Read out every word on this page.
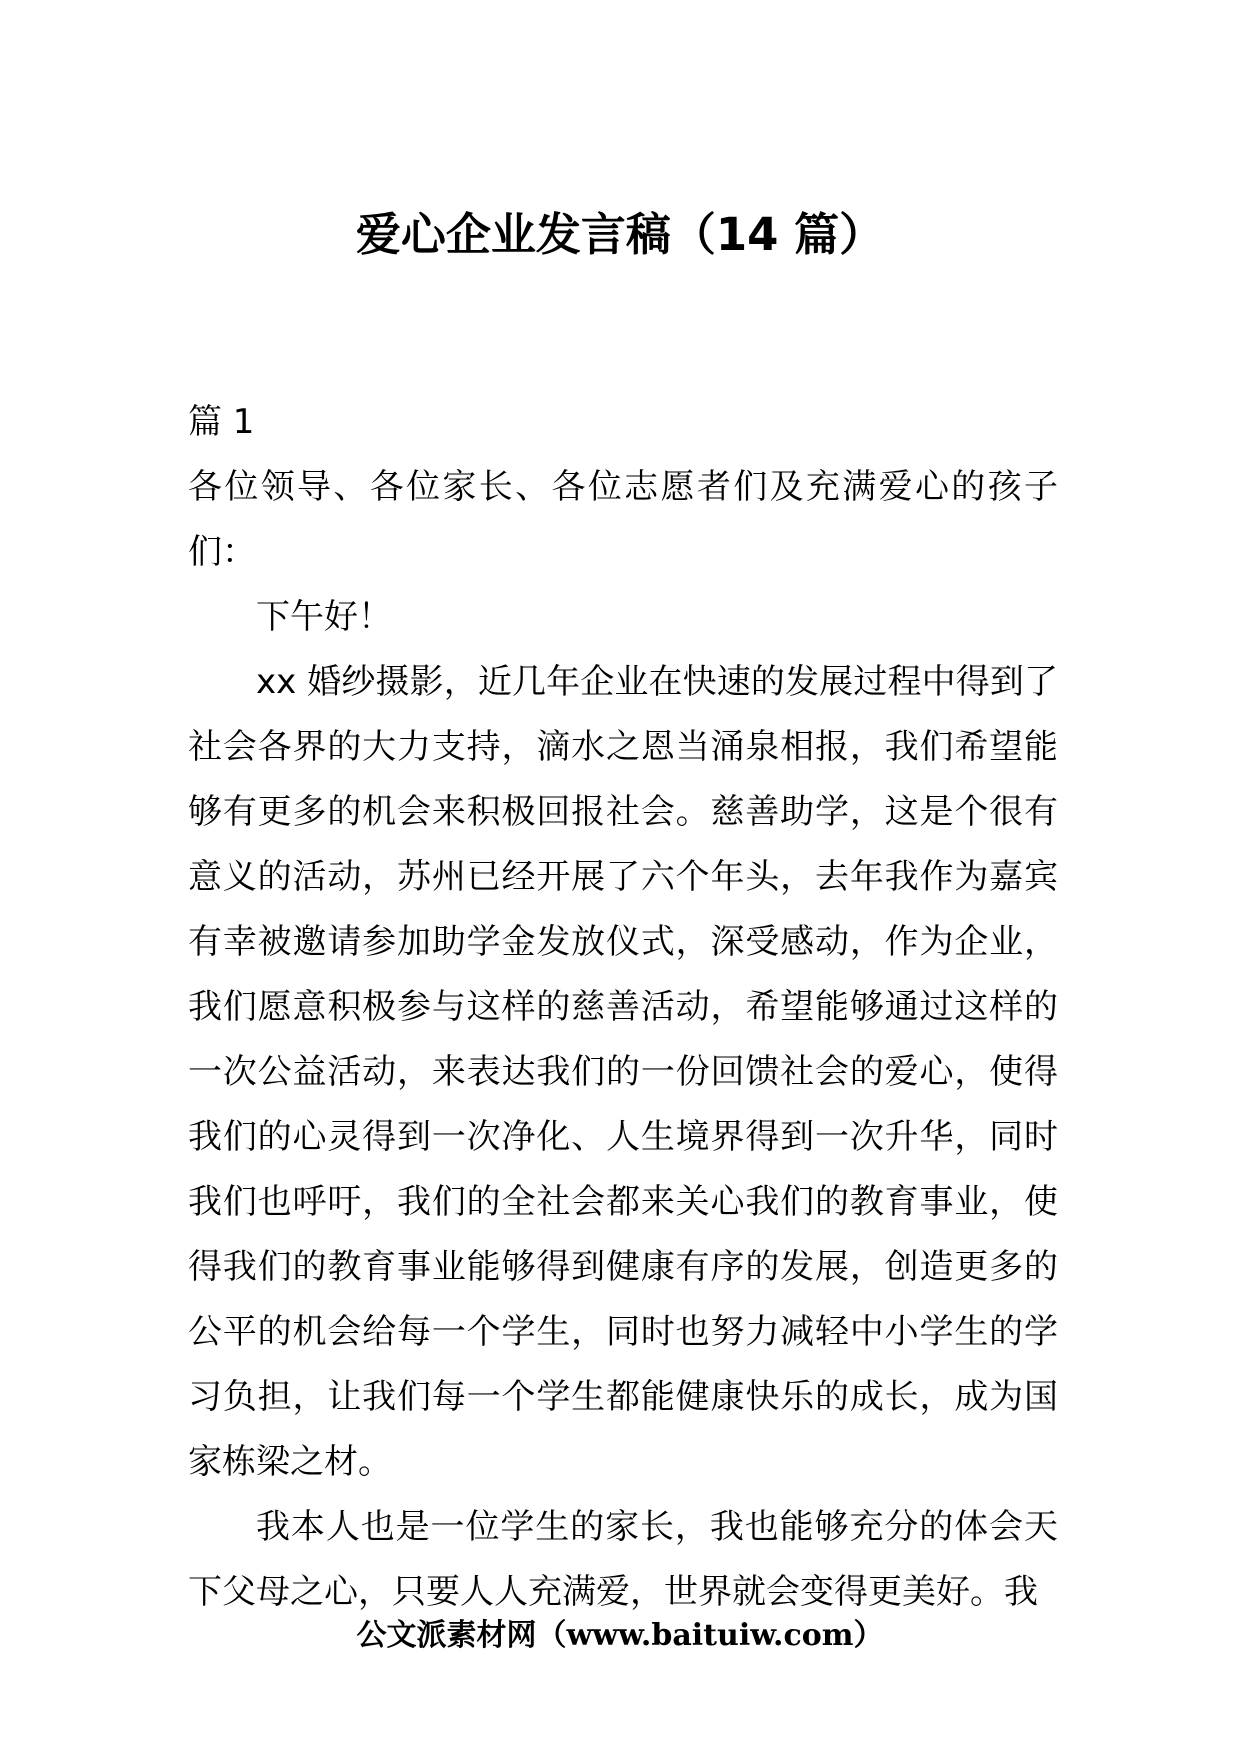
爱心企业发言稿（14 篇）

篇 1

各位领导、各位家长、各位志愿者们及充满爱心的孩子们：

下午好！

xx 婚纱摄影，近几年企业在快速的发展过程中得到了社会各界的大力支持，滴水之恩当涌泉相报，我们希望能够有更多的机会来积极回报社会。慈善助学，这是个很有意义的活动，苏州已经开展了六个年头，去年我作为嘉宾有幸被邀请参加助学金发放仪式，深受感动，作为企业，我们愿意积极参与这样的慈善活动，希望能够通过这样的一次公益活动，来表达我们的一份回馈社会的爱心，使得我们的心灵得到一次净化、人生境界得到一次升华，同时我们也呼吁，我们的全社会都来关心我们的教育事业，使得我们的教育事业能够得到健康有序的发展，创造更多的公平的机会给每一个学生，同时也努力减轻中小学生的学习负担，让我们每一个学生都能健康快乐的成长，成为国家栋梁之材。

我本人也是一位学生的家长，我也能够充分的体会天下父母之心，只要人人充满爱，世界就会变得更美好。我

公文派素材网（www.baituiw.com）
